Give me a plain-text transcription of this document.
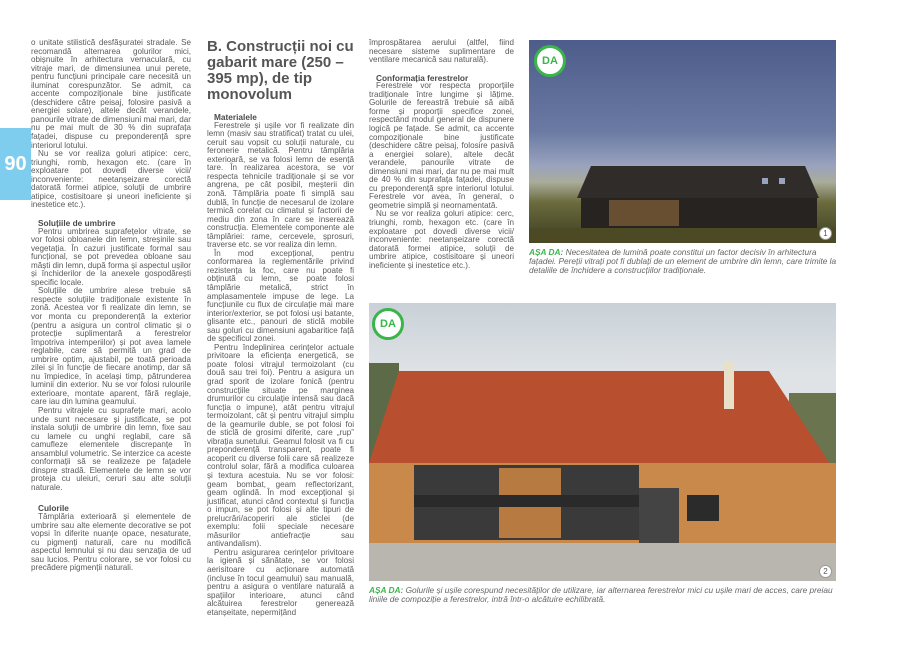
90

o unitate stilistică desfășuratei stradale. Se recomandă alternarea golurilor mici, obișnuite în arhitectura vernaculară, cu vitraje mari, de dimensiunea unui perete, pentru funcțiuni principale care necesită un iluminat corespunzător. Se admit, ca accente compoziționale bine justificate (deschidere către peisaj, folosire pasivă a energiei solare), altele decât verandele, panourile vitrate de dimensiuni mai mari, dar nu pe mai mult de 30 % din suprafața fațadei, dispuse cu preponderență spre interiorul lotului.

Nu se vor realiza goluri atipice: cerc, triunghi, romb, hexagon etc. (care în exploatare pot dovedi diverse vicii/ inconveniente: neetanșeizare corectă datorată formei atipice, soluții de umbrire atipice, costisitoare și uneori ineficiente și inestetice etc.).

Soluțiile de umbrire

Pentru umbrirea suprafețelor vitrate, se vor folosi obloanele din lemn, streșinile sau vegetația. În cazuri justificate formal sau funcțional, se pot prevedea obloane sau măști din lemn, după forma și aspectul ușilor și închiderilor de la anexele gospodărești specific locale.

Soluțiile de umbrire alese trebuie să respecte soluțiile tradiționale existente în zonă. Acestea vor fi realizate din lemn, se vor monta cu preponderență la exterior (pentru a asigura un control climatic și o protecție suplimentară a ferestrelor împotriva intemperiilor) și pot avea lamele reglabile, care să permită un grad de umbrire optim, ajustabil, pe toată perioada zilei și în funcție de fiecare anotimp, dar să nu împiedice, în același timp, pătrunderea luminii din exterior. Nu se vor folosi rulourile exterioare, montate aparent, fără reglaje, care iau din lumina geamului.

Pentru vitrajele cu suprafețe mari, acolo unde sunt necesare și justificate, se pot instala soluții de umbrire din lemn, fixe sau cu lamele cu unghi reglabil, care să camufleze elementele discrepanțe în ansamblul volumetric. Se interzice ca aceste conformații să se realizeze pe fațadele dinspre stradă. Elementele de lemn se vor proteja cu uleiuri, ceruri sau alte soluții naturale.

Culorile

Tâmplăria exterioară și elementele de umbrire sau alte elemente decorative se pot vopsi în diferite nuanțe opace, nesaturate, cu pigmenți naturali, care nu modifică aspectul lemnului și nu dau senzația de ud sau lucios. Pentru colorare, se vor folosi cu precădere pigmenții naturali.

B. Construcții noi cu gabarit mare (250 – 395 mp), de tip monovolum
Materialele

Ferestrele și ușile vor fi realizate din lemn (masiv sau stratificat) tratat cu ulei, ceruit sau vopsit cu soluții naturale, cu feronerie metalică. Pentru tâmplăria exterioară, se va folosi lemn de esență tare. În realizarea acestora, se vor respecta tehnicile tradiționale și se vor angrena, pe cât posibil, meșterii din zonă. Tâmplăria poate fi simplă sau dublă, în funcție de necesarul de izolare termică corelat cu climatul și factorii de mediu din zona în care se inserează construcția. Elementele componente ale tâmplăriei: rame, cercevele, șprosuri, traverse etc. se vor realiza din lemn.

În mod excepțional, pentru conformarea la reglementările privind rezistența la foc, care nu poate fi obținută cu lemn, se poate folosi tâmplărie metalică, strict în amplasamentele impuse de lege. La funcțiunile cu flux de circulație mai mare interior/exterior, se pot folosi uși batante, glisante etc., panouri de sticlă mobile sau goluri cu dimensiuni agabaritice față de specificul zonei.

Pentru îndeplinirea cerințelor actuale privitoare la eficiența energetică, se poate folosi vitrajul termoizolant (cu două sau trei foi). Pentru a asigura un grad sporit de izolare fonică (pentru construcțiile situate pe marginea drumurilor cu circulație intensă sau dacă funcția o impune), atât pentru vitrajul termoizolant, cât și pentru vitrajul simplu de la geamurile duble, se pot folosi foi de sticlă de grosimi diferite, care „rup” vibrația sunetului. Geamul folosit va fi cu preponderență transparent, poate fi acoperit cu diverse folii care să realizeze controlul solar, fără a modifica culoarea și textura acestuia. Nu se vor folosi: geam bombat, geam reflectorizant, geam oglindă. În mod excepțional și justificat, atunci când contextul și funcția o impun, se pot folosi și alte tipuri de prelucrări/acoperiri ale sticlei (de exemplu: folii speciale necesare măsurilor antiefracție sau antivandalism).

Pentru asigurarea cerințelor privitoare la igienă și sănătate, se vor folosi aerisitoare cu acționare automată (incluse în tocul geamului) sau manuală, pentru a asigura o ventilare naturală a spațiilor interioare, atunci când alcătuirea ferestrelor generează etanșeitate, nepermițând

împrospătarea aerului (altfel, fiind necesare sisteme suplimentare de ventilare mecanică sau naturală).

Conformația ferestrelor

Ferestrele vor respecta proporțiile tradiționale între lungime și lățime. Golurile de fereastră trebuie să aibă forme și proporții specifice zonei, respectând modul general de dispunere logică pe fațade. Se admit, ca accente compoziționale bine justificate (deschidere către peisaj, folosire pasivă a energiei solare), altele decât verandele, panourile vitrate de dimensiuni mai mari, dar nu pe mai mult de 40 % din suprafața fațadei, dispuse cu preponderență spre interiorul lotului. Ferestrele vor avea, în general, o geometrie simplă și neornamentată.

Nu se vor realiza goluri atipice: cerc, triunghi, romb, hexagon etc. (care în exploatare pot dovedi diverse vicii/ inconveniente: neetanșeizare corectă datorată formei atipice, soluții de umbrire atipice, costisitoare și uneori ineficiente și inestetice etc.).

DA
1
AȘA DA: Necesitatea de lumină poate constitui un factor decisiv în arhitectura fațadei. Pereții vitrați pot fi dublați de un element de umbrire din lemn, care trimite la detaliile de închidere a construcțiilor tradiționale.
DA
2
AȘA DA: Golurile și ușile corespund necesităților de utilizare, iar alternarea ferestrelor mici cu ușile mari de acces, care preiau liniile de compoziție a ferestrelor, intră într-o alcătuire echilibrată.
